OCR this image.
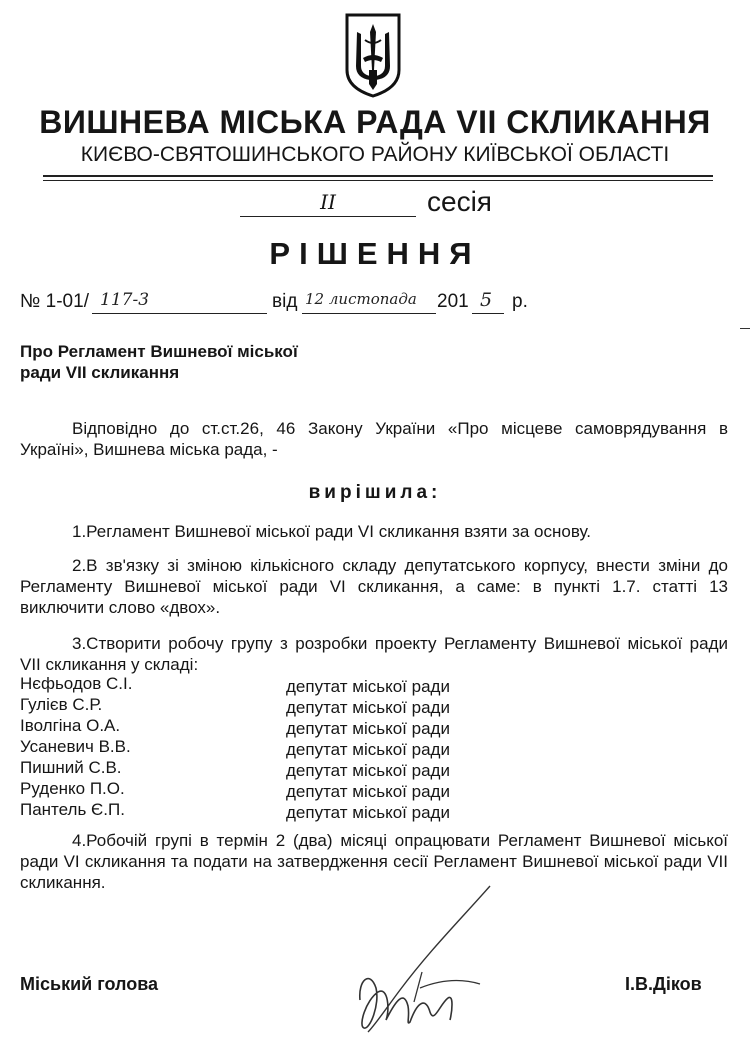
ВИШНЕВА МІСЬКА РАДА VII СКЛИКАННЯ
КИЄВО-СВЯТОШИНСЬКОГО РАЙОНУ КИЇВСЬКОЇ ОБЛАСТІ
II	сесія
РІШЕННЯ
№ 1-01/ 117-3	від 12 листопада 201 5 р.
Про Регламент Вишневої міської
ради VII скликання
Відповідно до ст.ст.26, 46 Закону України «Про місцеве самоврядування в Україні», Вишнева міська рада, -
вирішила:
1.Регламент Вишневої міської ради VI скликання взяти за основу.
2.В зв'язку зі зміною кількісного складу депутатського корпусу, внести зміни до Регламенту Вишневої міської ради VI скликання, а саме: в пункті 1.7. статті 13 виключити слово «двох».
3.Створити робочу групу з розробки проекту Регламенту Вишневої міської ради VII скликання у складі:
Нєфьодов С.І.	депутат міської ради
Гулієв С.Р.	депутат міської ради
Іволгіна О.А.	депутат міської ради
Усаневич В.В.	депутат міської ради
Пишний С.В.	депутат міської ради
Руденко П.О.	депутат міської ради
Пантель Є.П.	депутат міської ради
4.Робочій групі в термін 2 (два) місяці опрацювати Регламент Вишневої міської ради VI скликання та подати на затвердження сесії Регламент Вишневої міської ради VII скликання.
Міський голова	І.В.Діков
